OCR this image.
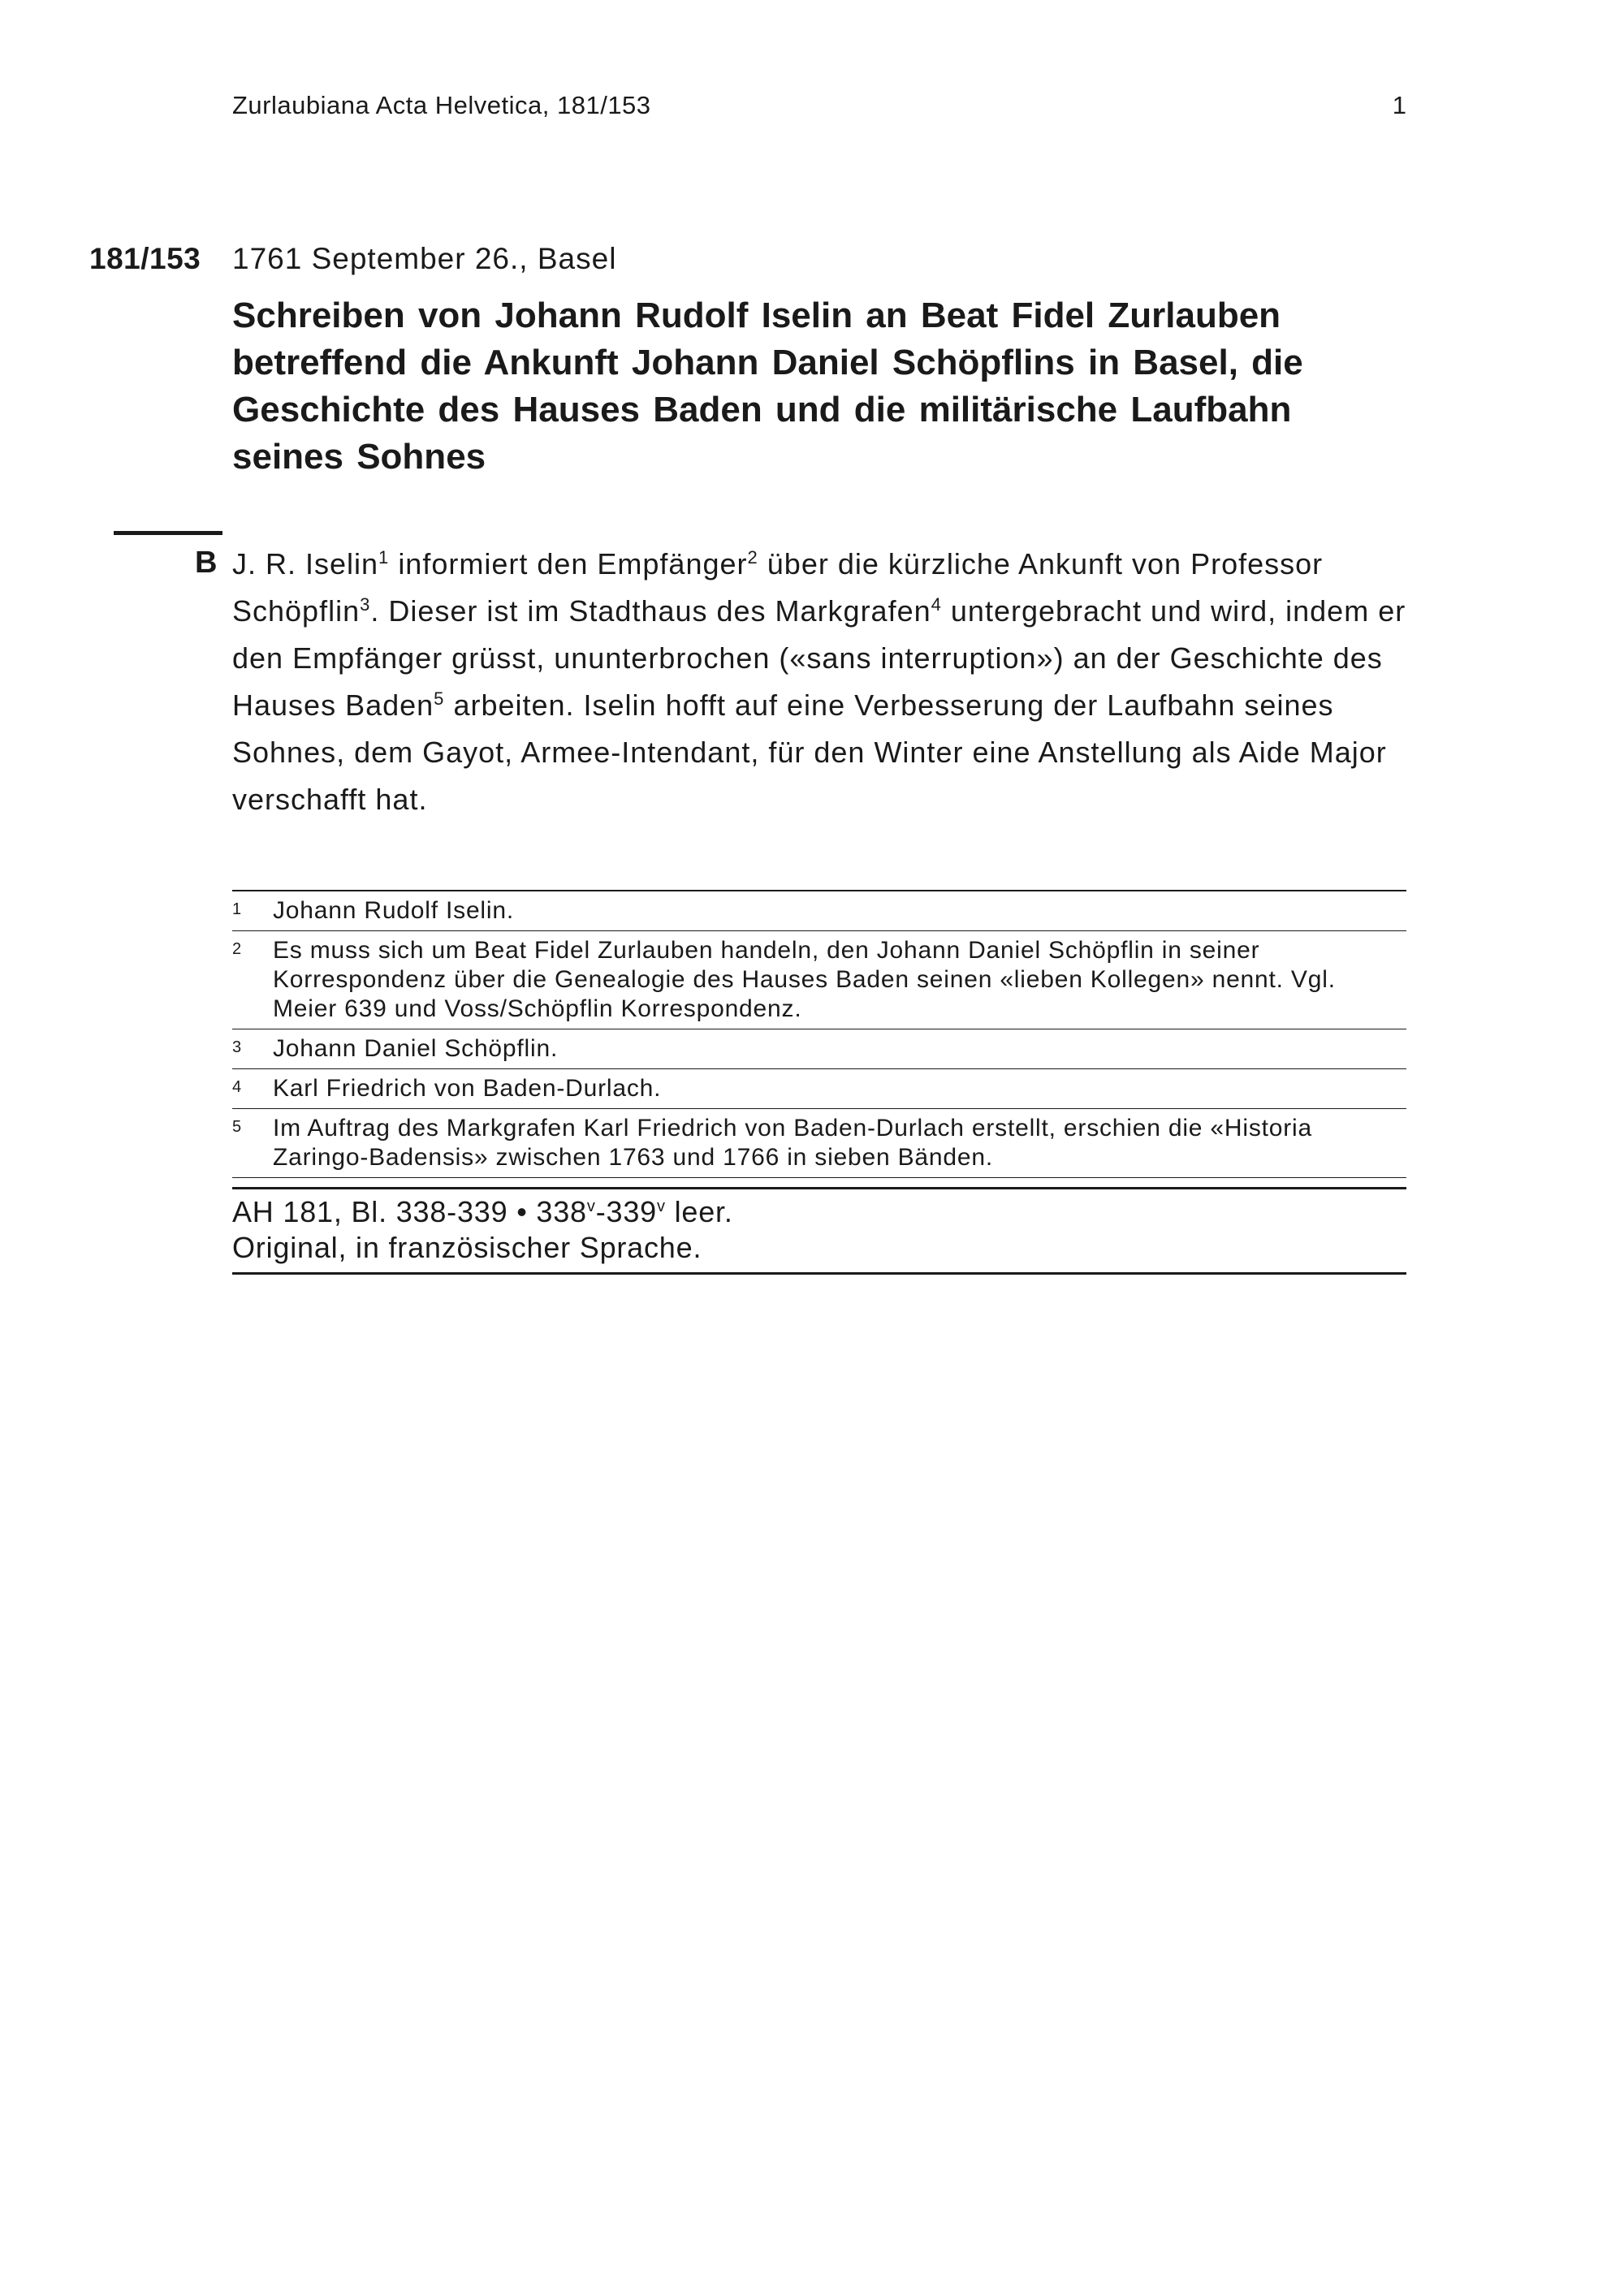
Zurlaubiana Acta Helvetica, 181/153	1
181/153 1761 September 26., Basel
Schreiben von Johann Rudolf Iselin an Beat Fidel Zurlauben betreffend die Ankunft Johann Daniel Schöpflins in Basel, die Geschichte des Hauses Baden und die militärische Laufbahn seines Sohnes
B J. R. Iselin$^1$ informiert den Empfänger$^2$ über die kürzliche Ankunft von Professor Schöpflin$^3$. Dieser ist im Stadthaus des Markgrafen$^4$ untergebracht und wird, indem er den Empfänger grüsst, ununterbrochen («sans interruption») an der Geschichte des Hauses Baden$^5$ arbeiten. Iselin hofft auf eine Verbesserung der Laufbahn seines Sohnes, dem Gayot, Armee-Intendant, für den Winter eine Anstellung als Aide Major verschafft hat.
1 Johann Rudolf Iselin.
2 Es muss sich um Beat Fidel Zurlauben handeln, den Johann Daniel Schöpflin in seiner Korrespondenz über die Genealogie des Hauses Baden seinen «lieben Kollegen» nennt. Vgl. Meier 639 und Voss/Schöpflin Korrespondenz.
3 Johann Daniel Schöpflin.
4 Karl Friedrich von Baden-Durlach.
5 Im Auftrag des Markgrafen Karl Friedrich von Baden-Durlach erstellt, erschien die «Historia Zaringo-Badensis» zwischen 1763 und 1766 in sieben Bänden.
AH 181, Bl. 338-339 • 338$^v$-339$^v$ leer.
Original, in französischer Sprache.
